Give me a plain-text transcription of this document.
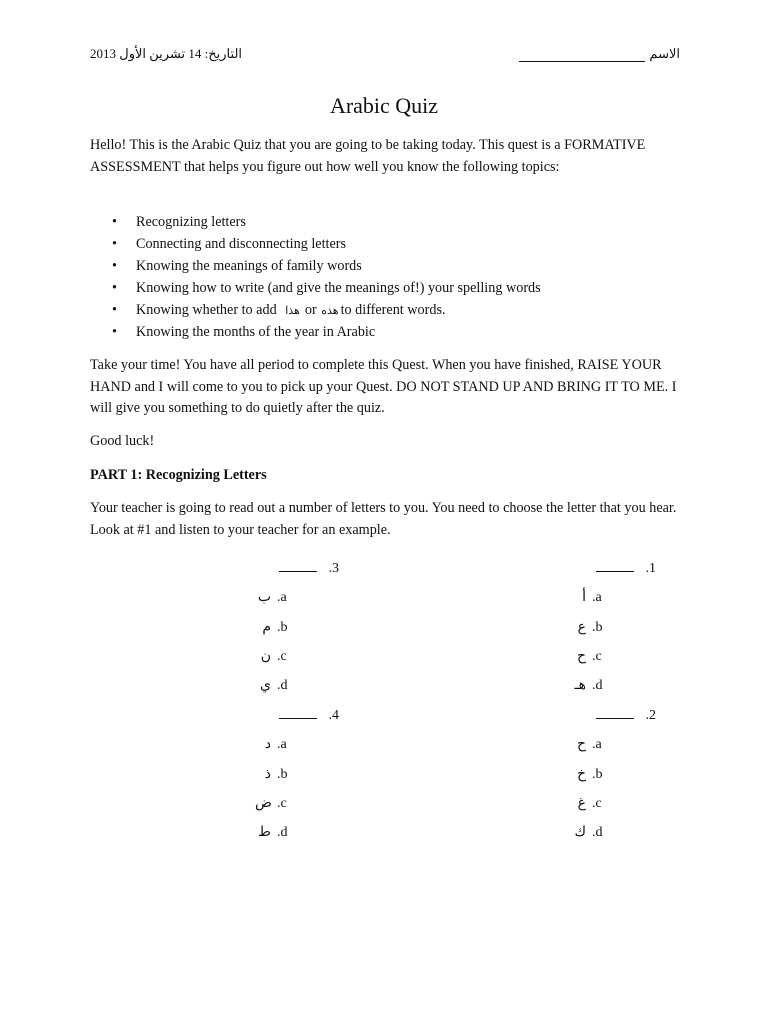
التاريخ: 14 تشرين الأول 2013	الاسم
Arabic Quiz
Hello! This is the Arabic Quiz that you are going to be taking today. This quest is a FORMATIVE ASSESSMENT that helps you figure out how well you know the following topics:
• Recognizing letters
• Connecting and disconnecting letters
• Knowing the meanings of family words
• Knowing how to write (and give the meanings of!) your spelling words
• Knowing whether to add هذا or هذه to different words.
• Knowing the months of the year in Arabic
Take your time! You have all period to complete this Quest. When you have finished, RAISE YOUR HAND and I will come to you to pick up your Quest. DO NOT STAND UP AND BRING IT TO ME. I will give you something to do quietly after the quiz.
Good luck!
PART 1: Recognizing Letters
Your teacher is going to read out a number of letters to you. You need to choose the letter that you hear. Look at #1 and listen to your teacher for an example.
.1
أ .a
ع .b
ح .c
هـ .d
.2
ح .a
خ .b
غ .c
ك .d
.3
ب .a
م .b
ن .c
ي .d
.4
د .a
ذ .b
ض .c
ط .d
